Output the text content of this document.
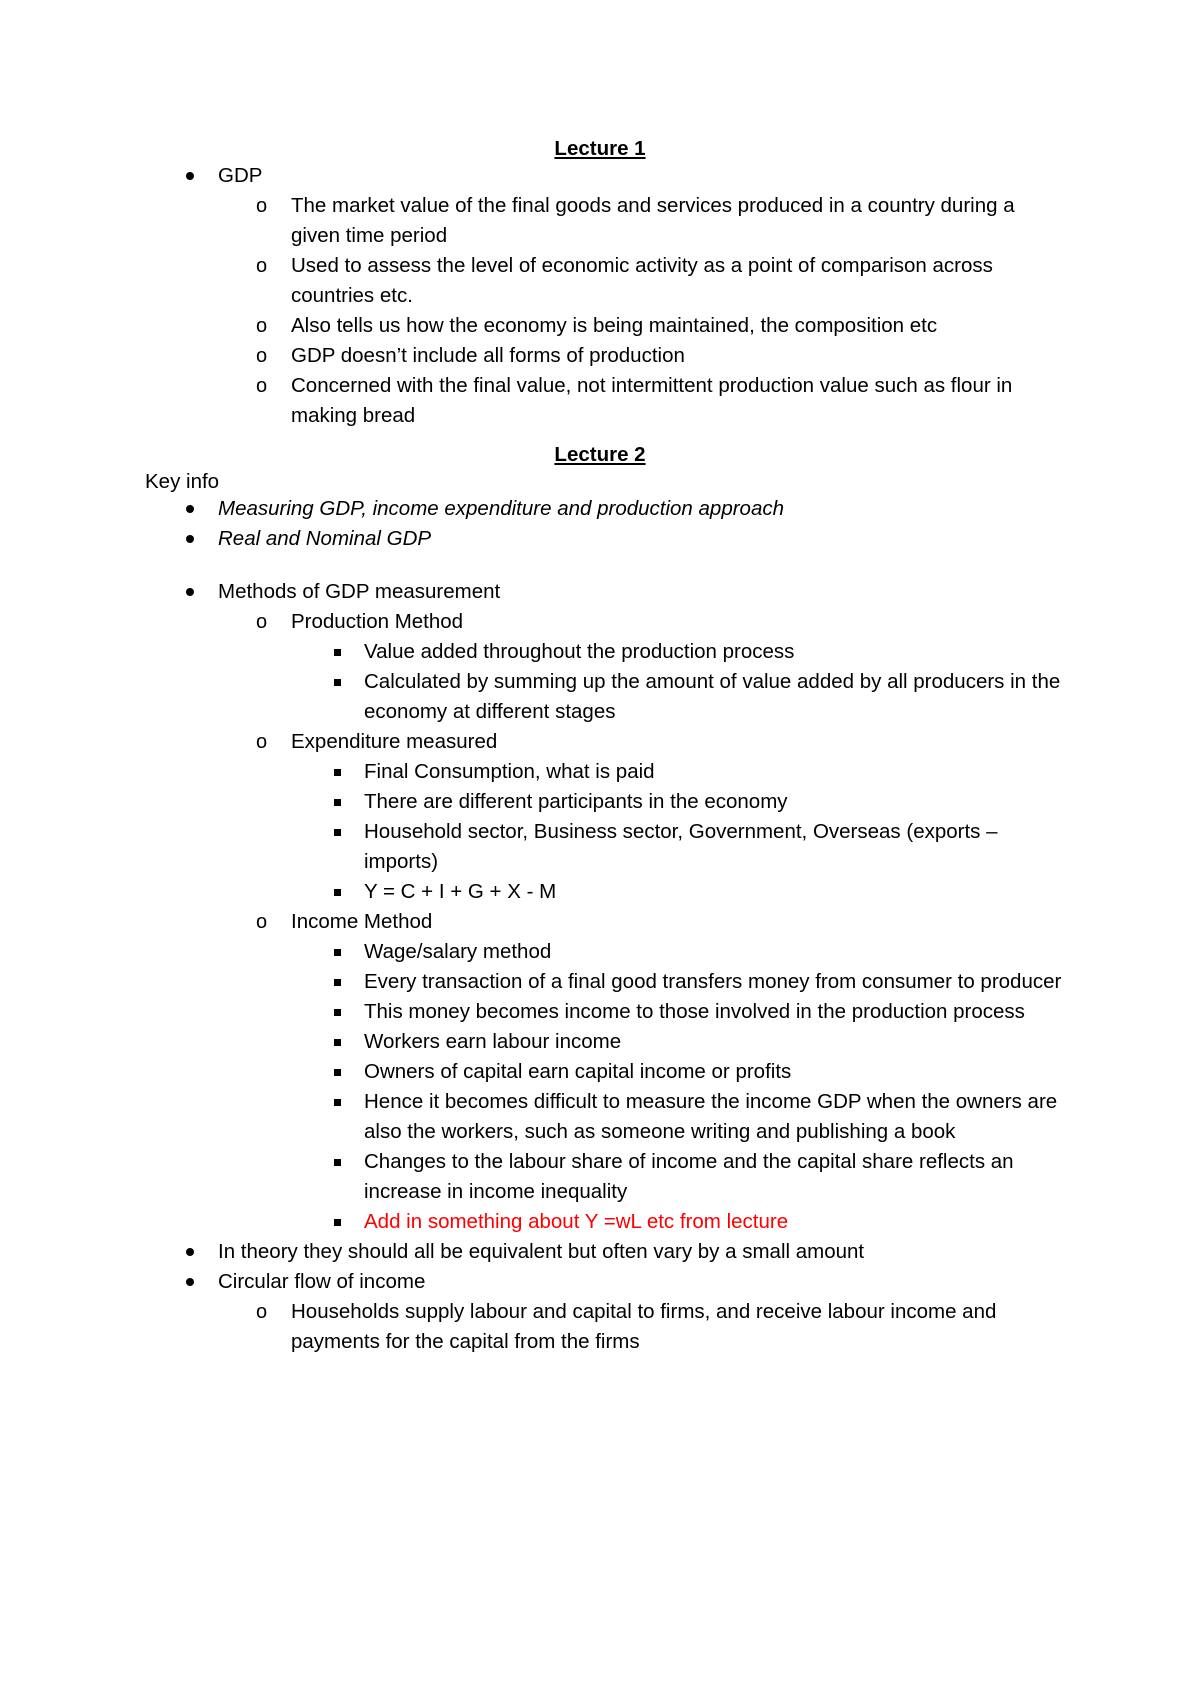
Lecture 1
GDP
o The market value of the final goods and services produced in a country during a given time period
o Used to assess the level of economic activity as a point of comparison across countries etc.
o Also tells us how the economy is being maintained, the composition etc
o GDP doesn’t include all forms of production
o Concerned with the final value, not intermittent production value such as flour in making bread
Lecture 2
Key info
Measuring GDP, income expenditure and production approach
Real and Nominal GDP
Methods of GDP measurement
o Production Method
Value added throughout the production process
Calculated by summing up the amount of value added by all producers in the economy at different stages
o Expenditure measured
Final Consumption, what is paid
There are different participants in the economy
Household sector, Business sector, Government, Overseas (exports – imports)
Y = C + I + G + X - M
o Income Method
Wage/salary method
Every transaction of a final good transfers money from consumer to producer
This money becomes income to those involved in the production process
Workers earn labour income
Owners of capital earn capital income or profits
Hence it becomes difficult to measure the income GDP when the owners are also the workers, such as someone writing and publishing a book
Changes to the labour share of income and the capital share reflects an increase in income inequality
Add in something about Y =wL etc from lecture
In theory they should all be equivalent but often vary by a small amount
Circular flow of income
o Households supply labour and capital to firms, and receive labour income and payments for the capital from the firms
